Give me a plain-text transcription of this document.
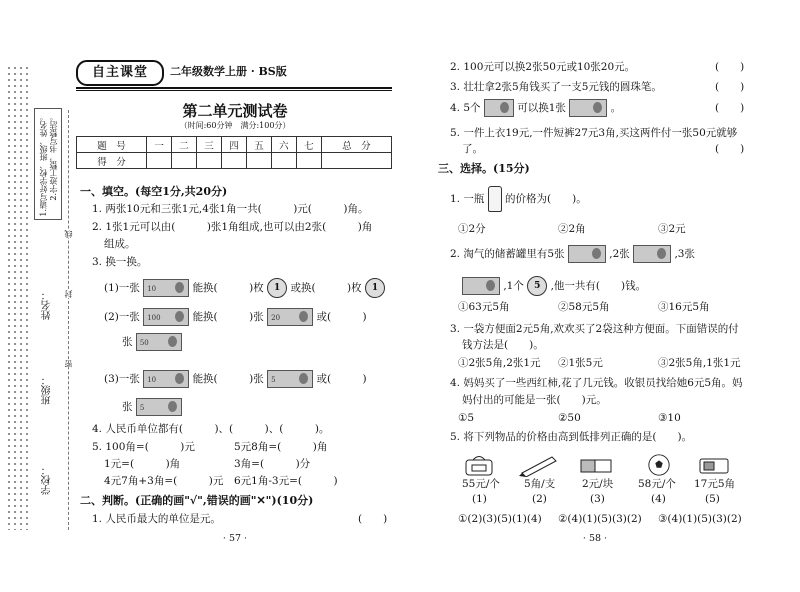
1.请写好学校、班级、姓名。 2.字迹工整，书写整洁。
姓名：
班级：
学校：
线
封
密
自主课堂	二年级数学上册 · BS版
第二单元测试卷
（时间:60分钟　满分:100分）
题　号	一	二	三	四	五	六	七	总　分
得　分								
一、填空。(每空1分,共20分)
1. 两张10元和三张1元,4张1角一共(　　　)元(　　　)角。
2. 1张1元可以由(　　　)张1角组成,也可以由2张(　　　)角
组成。
3. 换一换。
(1)一张 10	能换(　　　)枚 1 或换(　　　)枚 1
(2)一张 100	能换(　　　)张 20	或(　　　)
张 50
(3)一张 10	能换(　　　)张 5	或(　　　)
张 5
4. 人民币单位都有(　　　)、(　　　)、(　　　)。
5. 100角=(　　　)元	5元8角=(　　　)角
1元=(　　　)角	3角=(　　　)分
4元7角+3角=(　　　)元 6元1角-3元=(　　　)
二、判断。(正确的画"√",错误的画"✕")(10分)
1. 人民币最大的单位是元。	(　　)
· 57 ·
2. 100元可以换2张50元或10张20元。	(　　)
3. 壮壮拿2张5角钱买了一支5元钱的圆珠笔。	(　　)
4. 5个	可以换1张	。	(　　)
5. 一件上衣19元,一件短裤27元3角,买这两件付一张50元就够
了。	(　　)
三、选择。(15分)
1. 一瓶 的价格为(　　)。
①2分	②2角	③2元
2. 淘气的储蓄罐里有5张	,2张	,3张
,1个 5 ,他一共有(　　)钱。
①63元5角	②58元5角	③16元5角
3. 一袋方便面2元5角,欢欢买了2袋这种方便面。下面错误的付
钱方法是(　　)。
①2张5角,2张1元 ②1张5元	③2张5角,1张1元
4. 妈妈买了一些西红柿,花了几元钱。收银员找给她6元5角。妈
妈付出的可能是一张(　　)元。
①5	②50	③10
5. 将下列物品的价格由高到低排列正确的是(　　)。
55元/个 5角/支	2元/块 58元/个 17元5角
(1)	(2)	(3)	(4)	(5)
①(2)(3)(5)(1)(4) ②(4)(1)(5)(3)(2) ③(4)(1)(5)(3)(2)
· 58 ·
